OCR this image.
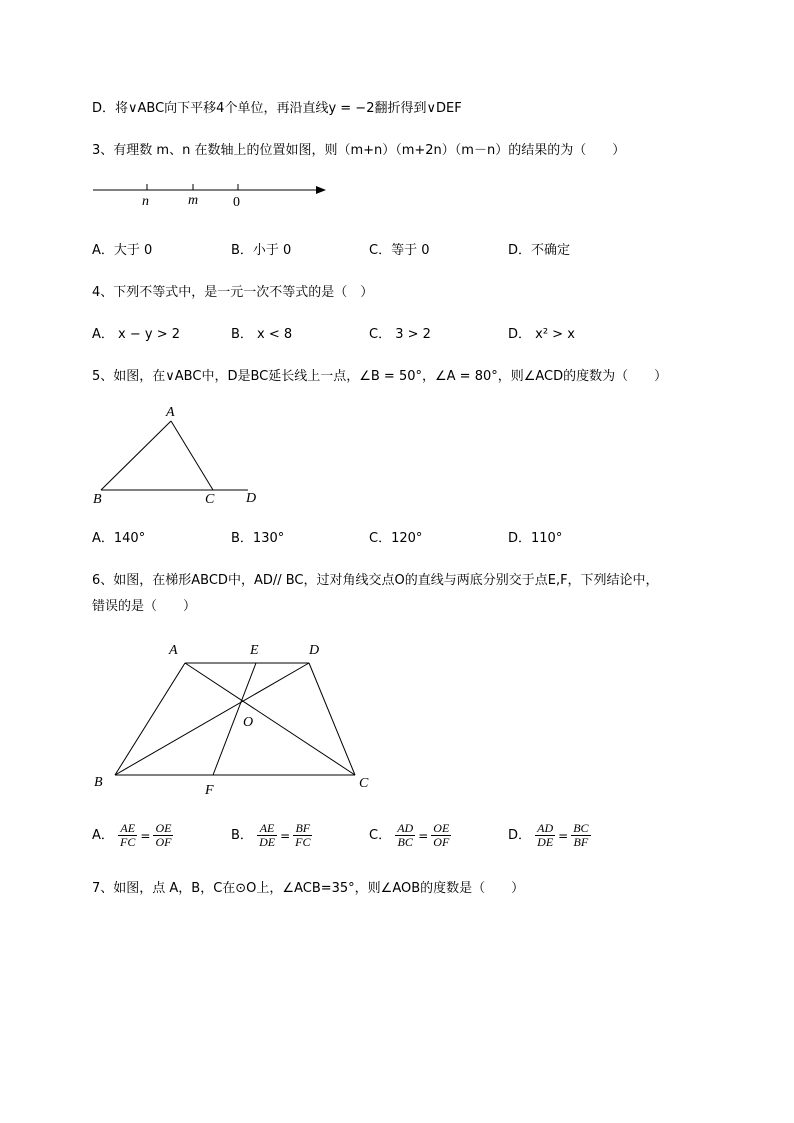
D．将∨ABC向下平移4个单位，再沿直线y = −2翻折得到∨DEF
3、有理数 m、n 在数轴上的位置如图，则（m+n）（m+2n）（m－n）的结果的为（　　）
n	m 0
A．大于 0	B．小于 0	C．等于 0	D．不确定
4、下列不等式中，是一元一次不等式的是（　）
A． x − y > 2	B． x < 8	C． 3 > 2	D． x² > x
5、如图，在∨ABC中，D是BC延长线上一点，∠B = 50°，∠A = 80°，则∠ACD的度数为（　　）
A
B	C D
A．140°	B．130°	C．120°	D．110°
6、如图，在梯形ABCD中，AD// BC，过对角线交点O的直线与两底分别交于点E,F，下列结论中，
错误的是（　　）
A	E	D
O
B
F	C
A． $\frac{AE}{FC} = \frac{OE}{OF}$	B． $\frac{AE}{DE} = \frac{BF}{FC}$	C． $\frac{AD}{BC} = \frac{OE}{OF}$	D． $\frac{AD}{DE} = \frac{BC}{BF}$
7、如图，点 A，B，C在⊙O上，∠ACB=35°，则∠AOB的度数是（　　）
